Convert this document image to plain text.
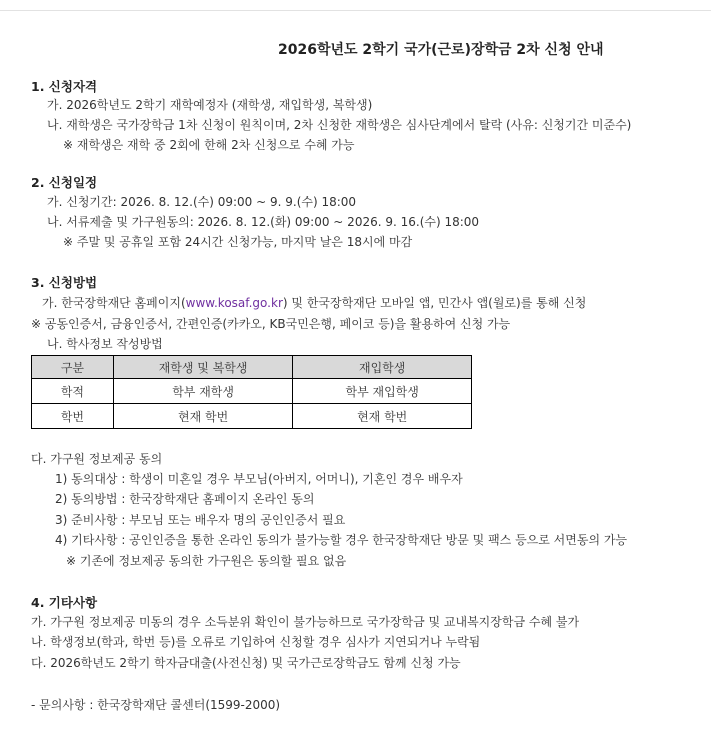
2026학년도 2학기 국가(근로)장학금 2차 신청 안내
1. 신청자격
가. 2026학년도 2학기 재학예정자 (재학생, 재입학생, 복학생)
나. 재학생은 국가장학금 1차 신청이 원칙이며, 2차 신청한 재학생은 심사단계에서 탈락 (사유: 신청기간 미준수)
※ 재학생은 재학 중 2회에 한해 2차 신청으로 수혜 가능
2. 신청일정
가. 신청기간: 2026. 8. 12.(수) 09:00 ~ 9. 9.(수) 18:00
나. 서류제출 및 가구원동의: 2026. 8. 12.(화) 09:00 ~ 2026. 9. 16.(수) 18:00
※ 주말 및 공휴일 포함 24시간 신청가능, 마지막 날은 18시에 마감
3. 신청방법
가. 한국장학재단 홈페이지(www.kosaf.go.kr) 및 한국장학재단 모바일 앱, 민간사 앱(월로)를 통해 신청
※ 공동인증서, 금융인증서, 간편인증(카카오, KB국민은행, 페이코 등)을 활용하여 신청 가능
나. 학사정보 작성방법
구분	재학생 및 복학생	재입학생
학적	학부 재학생	학부 재입학생
학번	현재 학번	현재 학번
다. 가구원 정보제공 동의
1) 동의대상 : 학생이 미혼일 경우 부모님(아버지, 어머니), 기혼인 경우 배우자
2) 동의방법 : 한국장학재단 홈페이지 온라인 동의
3) 준비사항 : 부모님 또는 배우자 명의 공인인증서 필요
4) 기타사항 : 공인인증을 통한 온라인 동의가 불가능할 경우 한국장학재단 방문 및 팩스 등으로 서면동의 가능
※ 기존에 정보제공 동의한 가구원은 동의할 필요 없음
4. 기타사항
가. 가구원 정보제공 미동의 경우 소득분위 확인이 불가능하므로 국가장학금 및 교내복지장학금 수혜 불가
나. 학생정보(학과, 학번 등)를 오류로 기입하여 신청할 경우 심사가 지연되거나 누락됨
다. 2026학년도 2학기 학자금대출(사전신청) 및 국가근로장학금도 함께 신청 가능
- 문의사항 : 한국장학재단 콜센터(1599-2000)
